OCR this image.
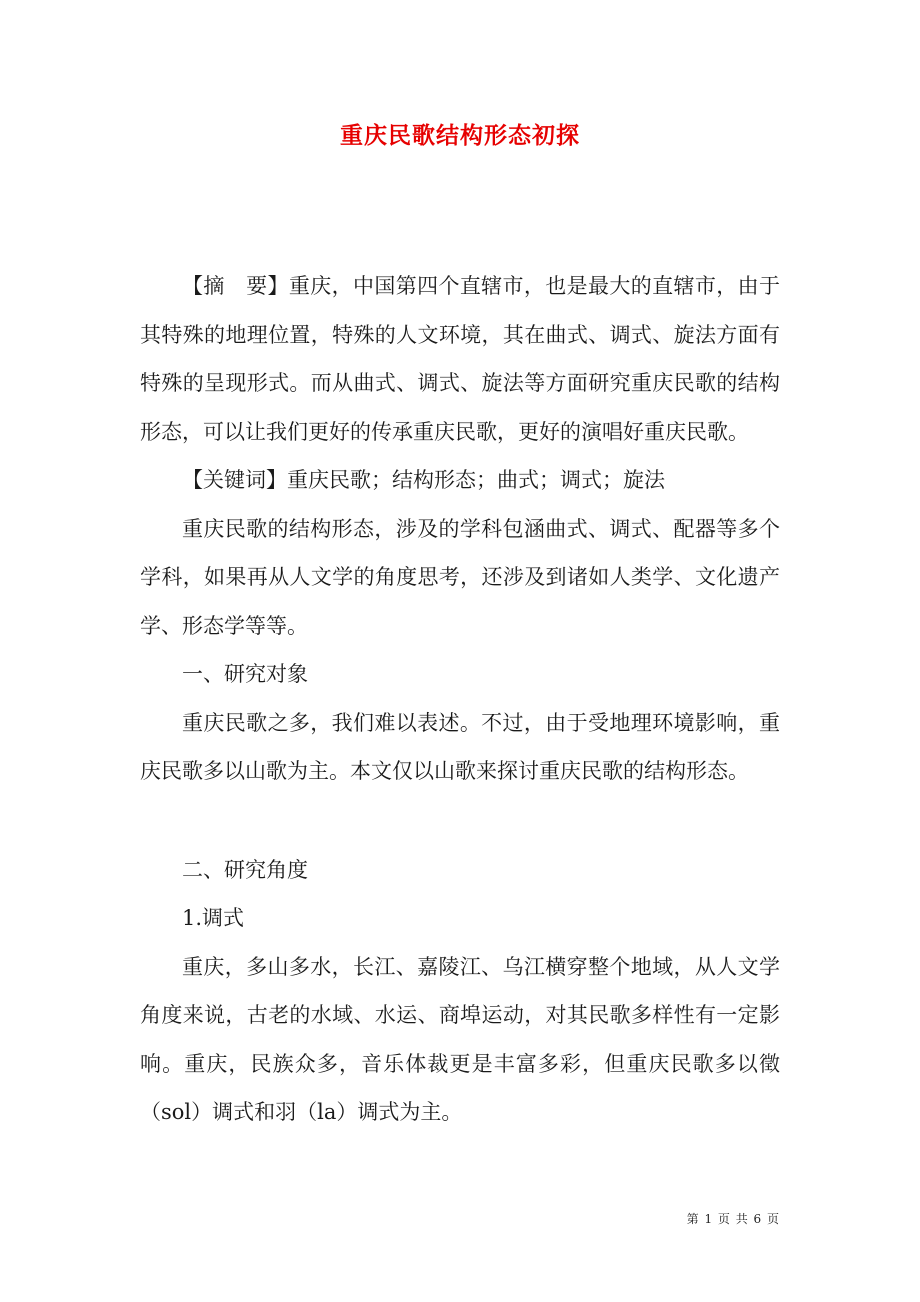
重庆民歌结构形态初探

【摘　要】重庆，中国第四个直辖市，也是最大的直辖市，由于其特殊的地理位置，特殊的人文环境，其在曲式、调式、旋法方面有特殊的呈现形式。而从曲式、调式、旋法等方面研究重庆民歌的结构形态，可以让我们更好的传承重庆民歌，更好的演唱好重庆民歌。

【关键词】重庆民歌；结构形态；曲式；调式；旋法

重庆民歌的结构形态，涉及的学科包涵曲式、调式、配器等多个学科，如果再从人文学的角度思考，还涉及到诸如人类学、文化遗产学、形态学等等。

一、研究对象

重庆民歌之多，我们难以表述。不过，由于受地理环境影响，重庆民歌多以山歌为主。本文仅以山歌来探讨重庆民歌的结构形态。

二、研究角度

1.调式

重庆，多山多水，长江、嘉陵江、乌江横穿整个地域，从人文学角度来说，古老的水域、水运、商埠运动，对其民歌多样性有一定影响。重庆，民族众多，音乐体裁更是丰富多彩，但重庆民歌多以徵（sol）调式和羽（la）调式为主。

第 1 页 共 6 页
